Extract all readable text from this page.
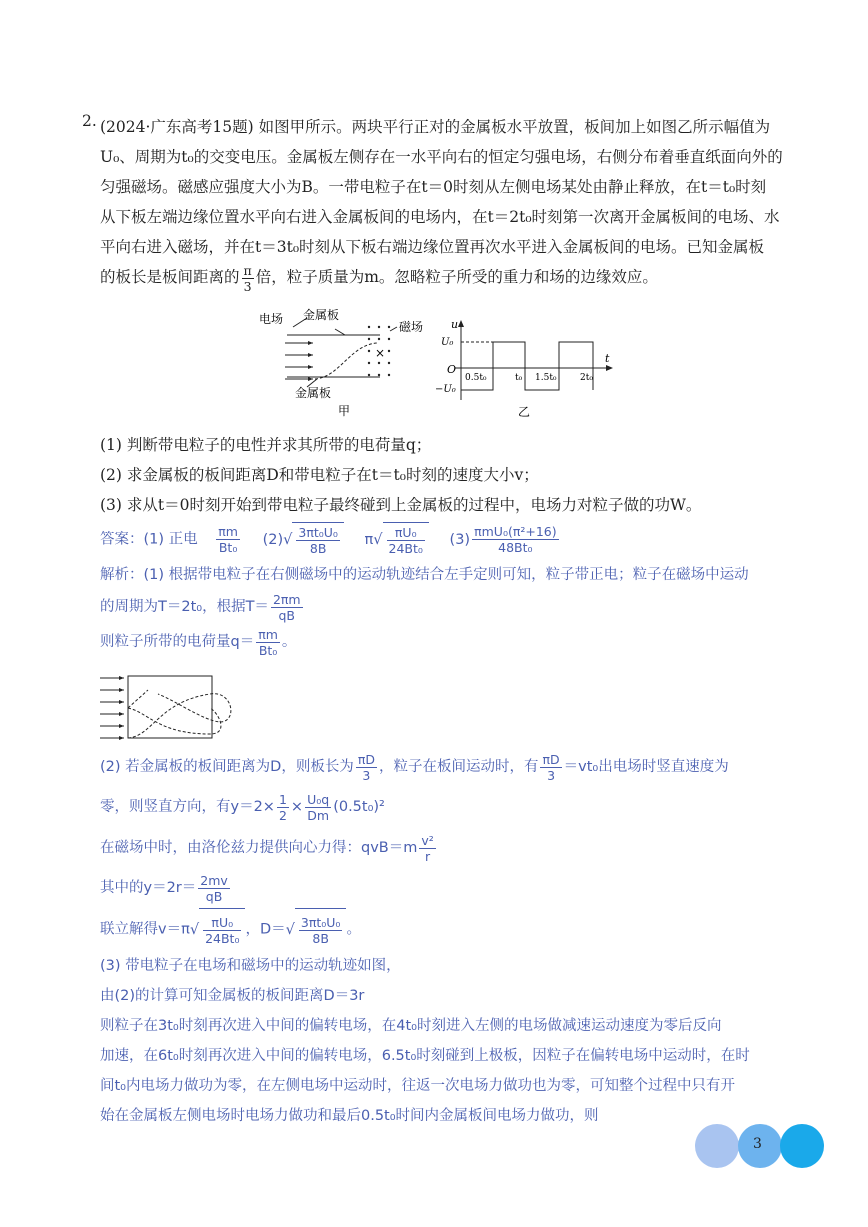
2. (2024·广东高考15题) 如图甲所示。两块平行正对的金属板水平放置，板间加上如图乙所示幅值为
U₀、周期为t₀的交变电压。金属板左侧存在一水平向右的恒定匀强电场，右侧分布着垂直纸面向外的
匀强磁场。磁感应强度大小为B。一带电粒子在t＝0时刻从左侧电场某处由静止释放，在t＝t₀时刻
从下板左端边缘位置水平向右进入金属板间的电场内，在t＝2t₀时刻第一次离开金属板间的电场、水
平向右进入磁场，并在t＝3t₀时刻从下板右端边缘位置再次水平进入金属板间的电场。已知金属板
的板长是板间距离的 $\frac{\pi}{3}$ 倍，粒子质量为m。忽略粒子所受的重力和场的边缘效应。
×
电场 金属板
磁场
金属板
甲
u
t
O
U₀
−U₀
0.5t₀	t₀ 1.5t₀	2t₀
乙
(1) 判断带电粒子的电性并求其所带的电荷量q；
(2) 求金属板的板间距离D和带电粒子在t＝t₀时刻的速度大小v；
(3) 求从t＝0时刻开始到带电粒子最终碰到上金属板的过程中，电场力对粒子做的功W。
答案：(1) 正电 $\frac{\pi m}{\text{Bt₀}} (2)√ \frac{\text{3πt₀U₀}}{8B} \pi√ \frac{\text{πU₀}}{\text{24Bt₀}} (3) \frac{\text{πmU₀(π²+16)}}{\text{48Bt₀}}$
解析：(1) 根据带电粒子在右侧磁场中的运动轨迹结合左手定则可知，粒子带正电；粒子在磁场中运动
的周期为T＝2t₀，根据$T= \frac{2\pi m}{qB}$
则粒子所带的电荷量$q= \frac{\pi m}{\text{Bt₀}}$ 。
(2) 若金属板的板间距离为D，则板长为 $\frac{\pi D}{3}$ ，粒子在板间运动时，有 $\frac{\pi D}{3} =vt_0$出电场时竖直速度为
零，则竖直方向，有$y=2\times \frac{1}{2} \times \frac{\text{U₀q}}{Dm} (0.5t_0)^2$
在磁场中时，由洛伦兹力提供向心力得：$qvB=m \frac{\text{v²}}{r}$
其中的$y=2r= \frac{2mv}{qB}$
联立解得$v=\pi√ \frac{\text{πU₀}}{\text{24Bt₀}}$ ，$D=√ \frac{\text{3πt₀U₀}}{8B}$ 。
(3) 带电粒子在电场和磁场中的运动轨迹如图，
由(2)的计算可知金属板的板间距离D＝3r
则粒子在3t₀时刻再次进入中间的偏转电场，在4t₀时刻进入左侧的电场做减速运动速度为零后反向
加速，在6t₀时刻再次进入中间的偏转电场，6.5t₀时刻碰到上极板，因粒子在偏转电场中运动时，在时
间t₀内电场力做功为零，在左侧电场中运动时，往返一次电场力做功也为零，可知整个过程中只有开
始在金属板左侧电场时电场力做功和最后0.5t₀时间内金属板间电场力做功，则
3
